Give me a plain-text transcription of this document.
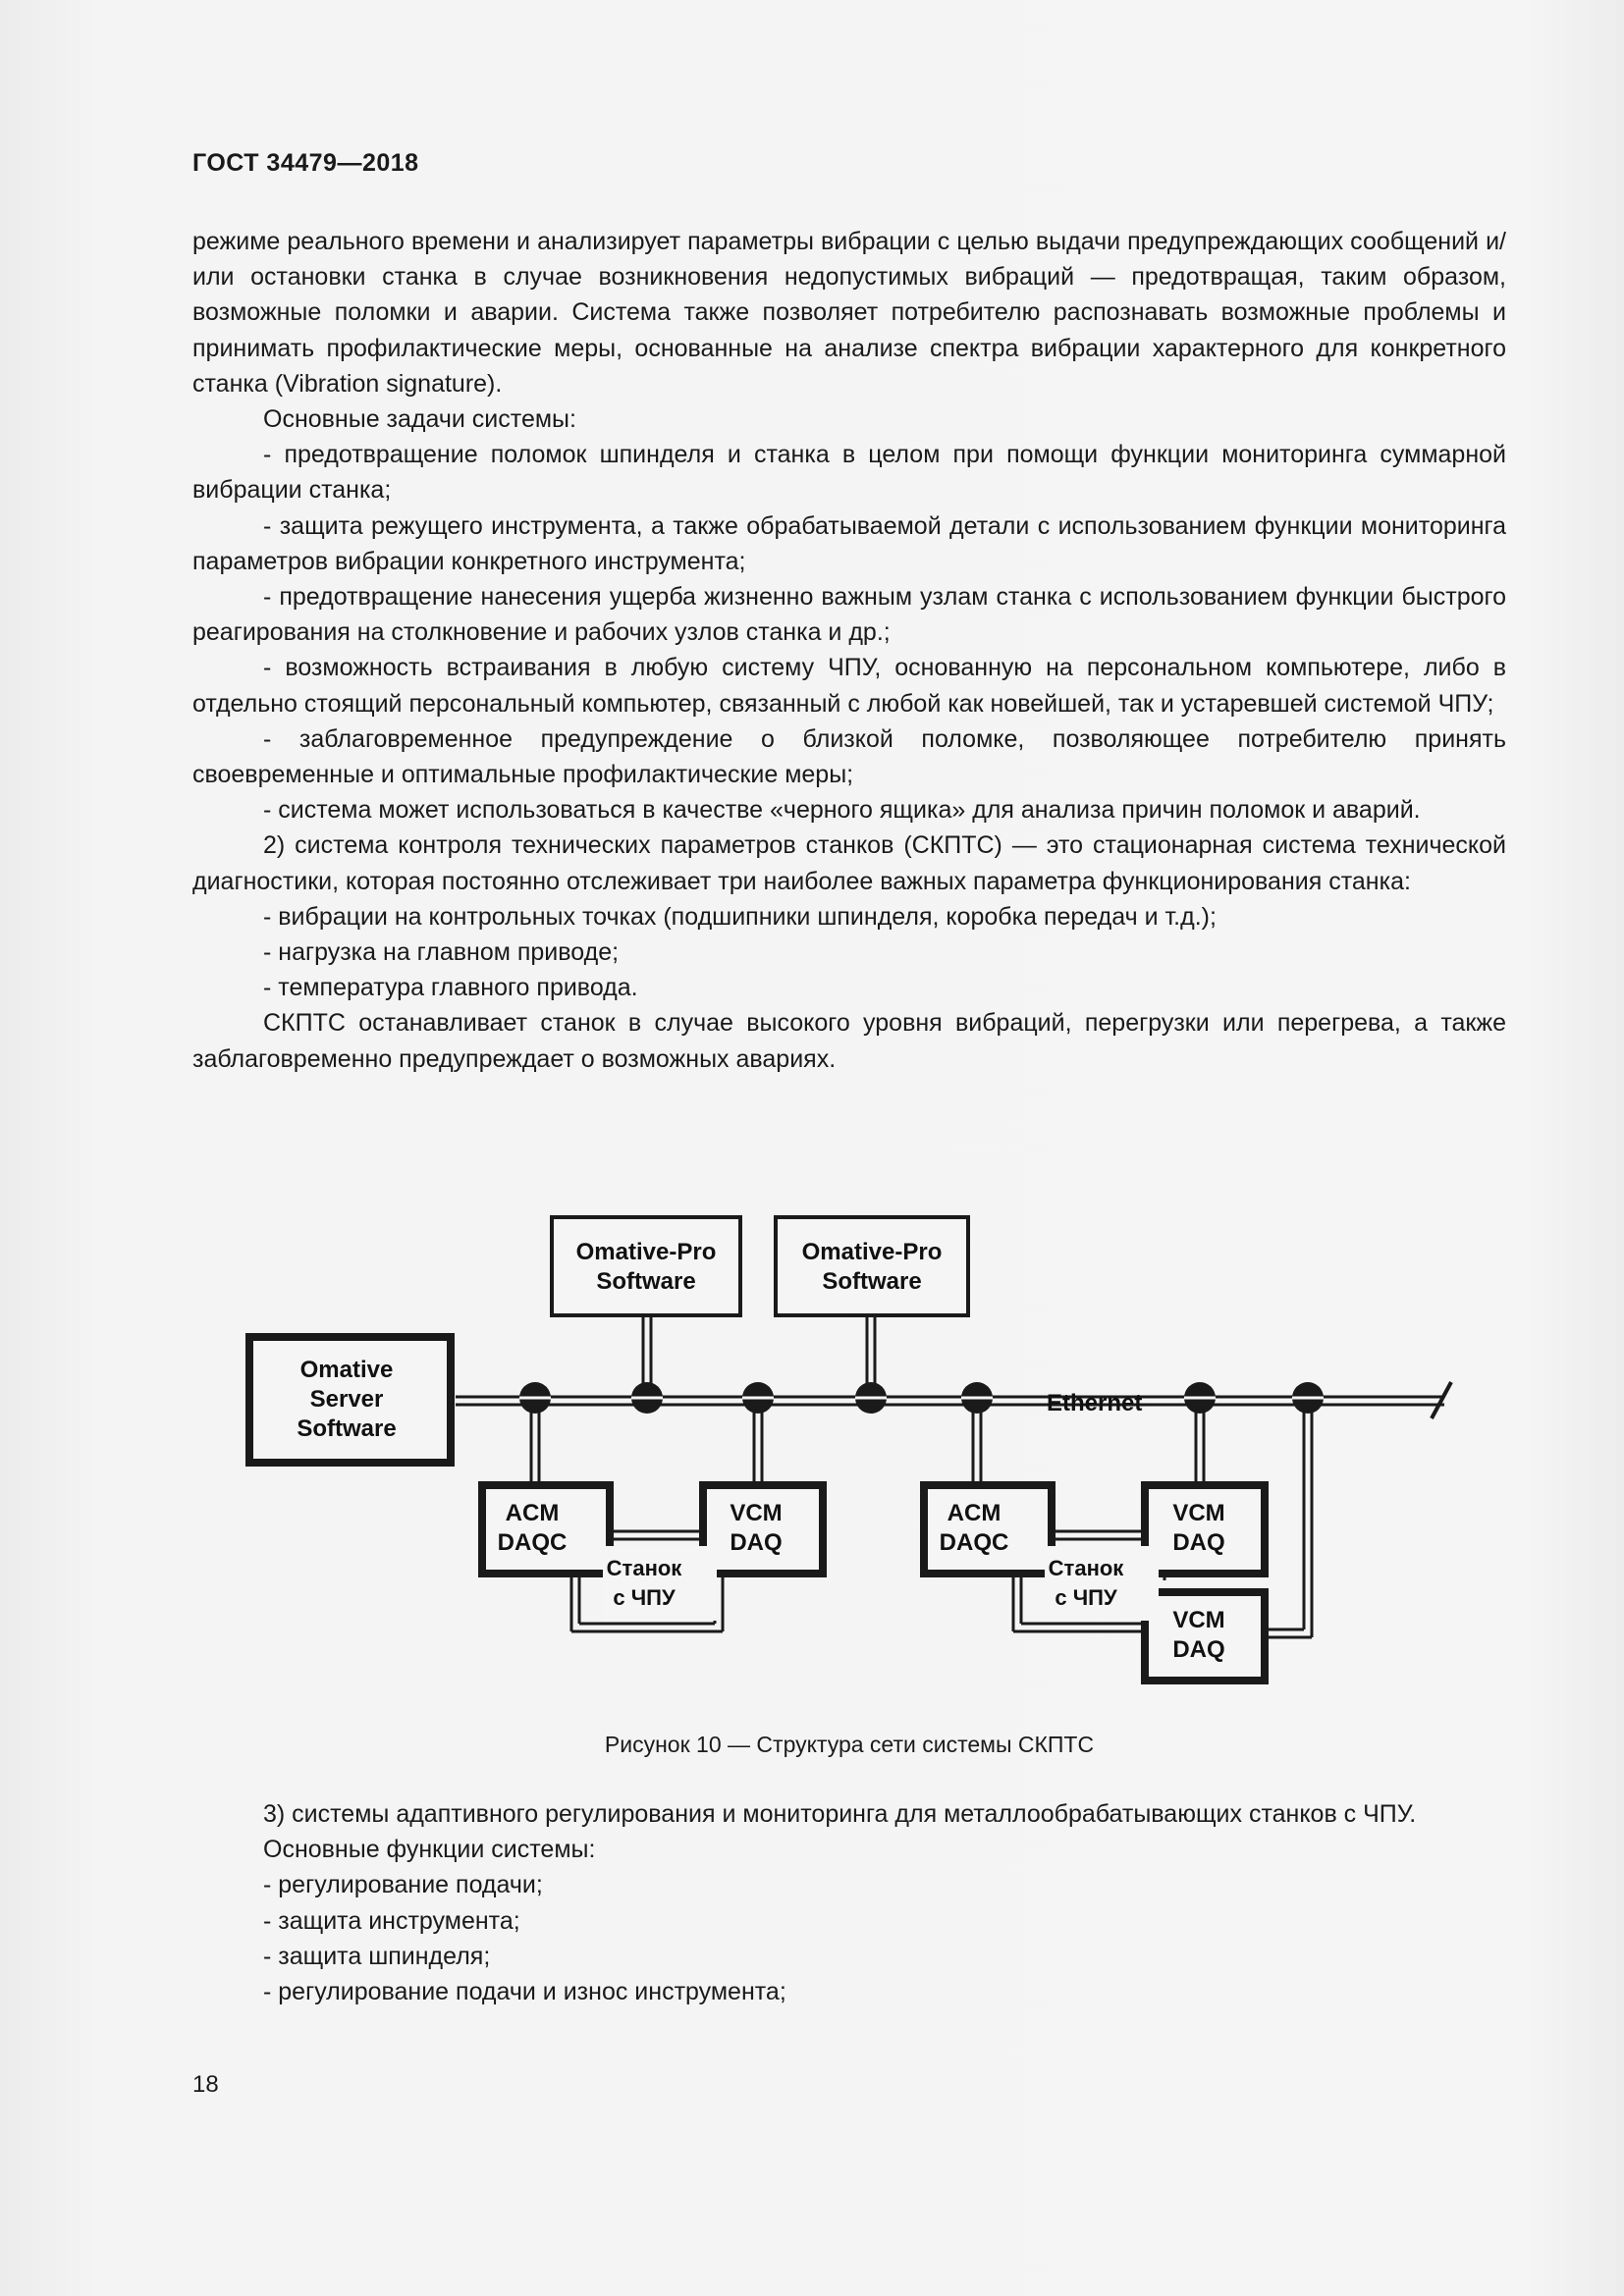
ГОСТ 34479—2018

режиме реального времени и анализирует параметры вибрации с целью выдачи предупреждающих сообщений и/или остановки станка в случае возникновения недопустимых вибраций — предотвращая, таким образом, возможные поломки и аварии. Система также позволяет потребителю распознавать возможные проблемы и принимать профилактические меры, основанные на анализе спектра вибрации характерного для конкретного станка (Vibration signature).

Основные задачи системы:

- предотвращение поломок шпинделя и станка в целом при помощи функции мониторинга суммарной вибрации станка;

- защита режущего инструмента, а также обрабатываемой детали с использованием функции мониторинга параметров вибрации конкретного инструмента;

- предотвращение нанесения ущерба жизненно важным узлам станка с использованием функции быстрого реагирования на столкновение и рабочих узлов станка и др.;

- возможность встраивания в любую систему ЧПУ, основанную на персональном компьютере, либо в отдельно стоящий персональный компьютер, связанный с любой как новейшей, так и устаревшей системой ЧПУ;

- заблаговременное предупреждение о близкой поломке, позволяющее потребителю принять своевременные и оптимальные профилактические меры;

- система может использоваться в качестве «черного ящика» для анализа причин поломок и аварий.

2) система контроля технических параметров станков (СКПТС) — это стационарная система технической диагностики, которая постоянно отслеживает три наиболее важных параметра функционирования станка:

- вибрации на контрольных точках (подшипники шпинделя, коробка передач и т.д.);

- нагрузка на главном приводе;

- температура главного привода.

СКПТС останавливает станок в случае высокого уровня вибраций, перегрузки или перегрева, а также заблаговременно предупреждает о возможных авариях.

Ethernet
Omative-Pro
Software
Omative-Pro
Software
Omative
Server
Software
ACM
DAQC
VCM
DAQ
Станок
с ЧПУ
ACM
DAQC
VCM
DAQ
Станок
с ЧПУ
VCM
DAQ
Рисунок 10 — Структура сети системы СКПТС

3) системы адаптивного регулирования и мониторинга для металлообрабатывающих станков с ЧПУ.

Основные функции системы:

- регулирование подачи;

- защита инструмента;

- защита шпинделя;

- регулирование подачи и износ инструмента;

18
